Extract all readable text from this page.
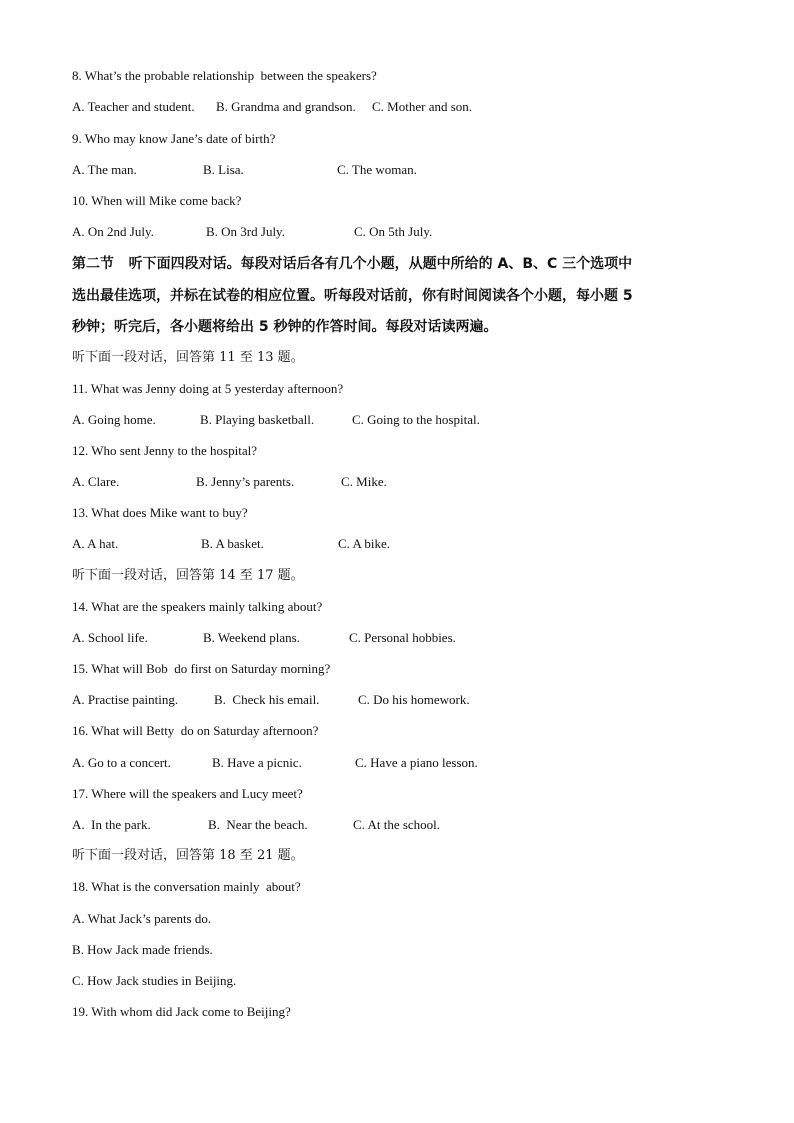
8. What’s the probable relationship  between the speakers?
A. Teacher and student. B. Grandma and grandson. C. Mother and son.
9. Who may know Jane’s date of birth?
A. The man.	B. Lisa.	C. The woman.
10. When will Mike come back?
A. On 2nd July.	B. On 3rd July.	C. On 5th July.
第二节   听下面四段对话。每段对话后各有几个小题，从题中所给的 A、B、C 三个选项中
选出最佳选项，并标在试卷的相应位置。听每段对话前，你有时间阅读各个小题，每小题 5
秒钟；听完后，各小题将给出 5 秒钟的作答时间。每段对话读两遍。
听下面一段对话，回答第 11 至 13 题。
11. What was Jenny doing at 5 yesterday afternoon?
A. Going home.	B. Playing basketball.	C. Going to the hospital.
12. Who sent Jenny to the hospital?
A. Clare.	B. Jenny’s parents.	C. Mike.
13. What does Mike want to buy?
A. A hat.	B. A basket.	C. A bike.
听下面一段对话，回答第 14 至 17 题。
14. What are the speakers mainly talking about?
A. School life.	B. Weekend plans.	C. Personal hobbies.
15. What will Bob  do first on Saturday morning?
A. Practise painting.	B.  Check his email.	C. Do his homework.
16. What will Betty  do on Saturday afternoon?
A. Go to a concert.	B. Have a picnic.	C. Have a piano lesson.
17. Where will the speakers and Lucy meet?
A.  In the park.	B.  Near the beach.	C. At the school.
听下面一段对话，回答第 18 至 21 题。
18. What is the conversation mainly  about?
A. What Jack’s parents do.
B. How Jack made friends.
C. How Jack studies in Beijing.
19. With whom did Jack come to Beijing?
